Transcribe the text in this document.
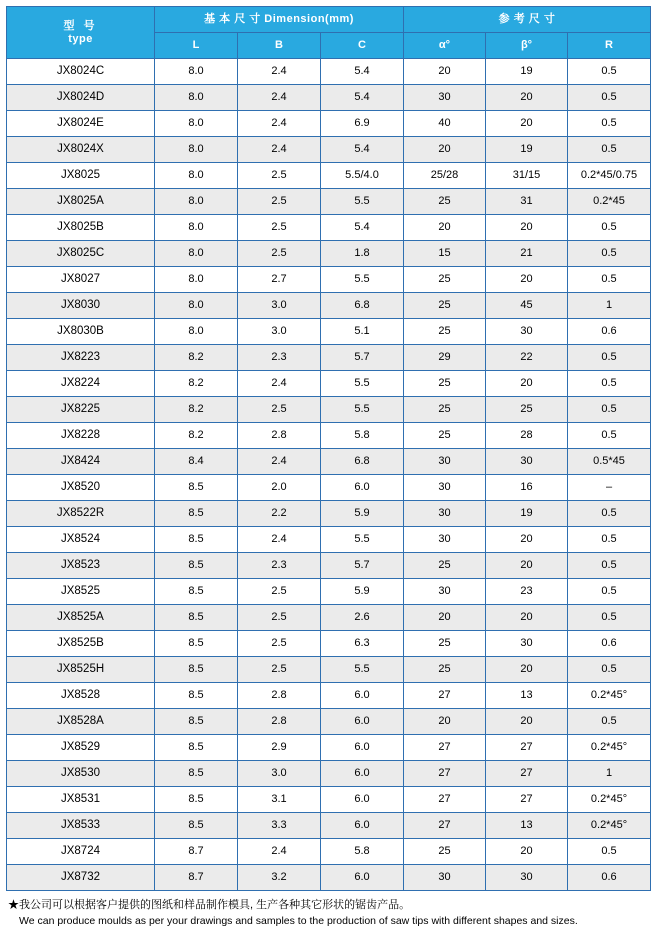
型 号
type	基 本 尺 寸 Dimension(mm)			参 考 尺 寸		
	L	B	C	α°	β°	R
JX8024C	8.0	2.4	5.4	20	19	0.5
JX8024D	8.0	2.4	5.4	30	20	0.5
JX8024E	8.0	2.4	6.9	40	20	0.5
JX8024X	8.0	2.4	5.4	20	19	0.5
JX8025	8.0	2.5	5.5/4.0	25/28	31/15	0.2*45/0.75
JX8025A	8.0	2.5	5.5	25	31	0.2*45
JX8025B	8.0	2.5	5.4	20	20	0.5
JX8025C	8.0	2.5	1.8	15	21	0.5
JX8027	8.0	2.7	5.5	25	20	0.5
JX8030	8.0	3.0	6.8	25	45	1
JX8030B	8.0	3.0	5.1	25	30	0.6
JX8223	8.2	2.3	5.7	29	22	0.5
JX8224	8.2	2.4	5.5	25	20	0.5
JX8225	8.2	2.5	5.5	25	25	0.5
JX8228	8.2	2.8	5.8	25	28	0.5
JX8424	8.4	2.4	6.8	30	30	0.5*45
JX8520	8.5	2.0	6.0	30	16	–
JX8522R	8.5	2.2	5.9	30	19	0.5
JX8524	8.5	2.4	5.5	30	20	0.5
JX8523	8.5	2.3	5.7	25	20	0.5
JX8525	8.5	2.5	5.9	30	23	0.5
JX8525A	8.5	2.5	2.6	20	20	0.5
JX8525B	8.5	2.5	6.3	25	30	0.6
JX8525H	8.5	2.5	5.5	25	20	0.5
JX8528	8.5	2.8	6.0	27	13	0.2*45°
JX8528A	8.5	2.8	6.0	20	20	0.5
JX8529	8.5	2.9	6.0	27	27	0.2*45°
JX8530	8.5	3.0	6.0	27	27	1
JX8531	8.5	3.1	6.0	27	27	0.2*45°
JX8533	8.5	3.3	6.0	27	13	0.2*45°
JX8724	8.7	2.4	5.8	25	20	0.5
JX8732	8.7	3.2	6.0	30	30	0.6
★我公司可以根据客户提供的图纸和样品制作模具, 生产各种其它形状的锯齿产品。
We can produce moulds as per your drawings and samples to the production of saw tips with different shapes and sizes.
